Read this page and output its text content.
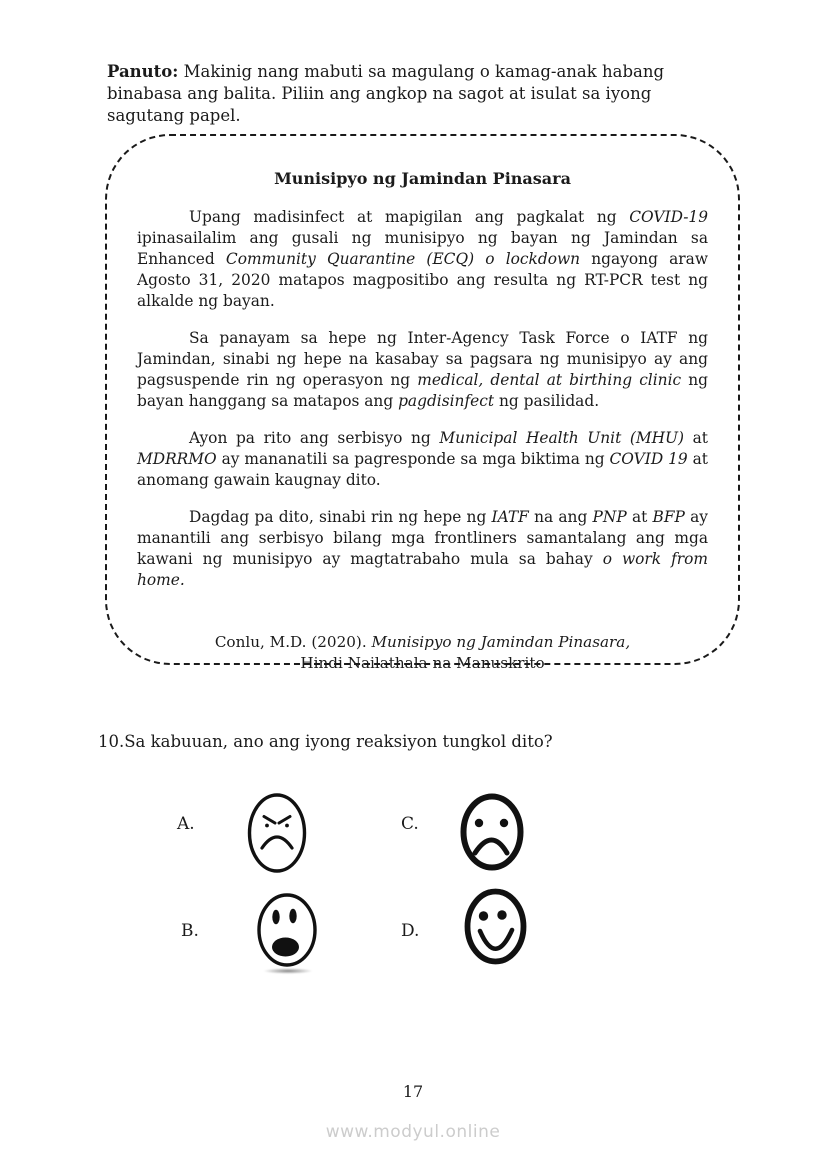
Panuto: Makinig nang mabuti sa magulang o kamag-anak habang binabasa ang balita. Piliin ang angkop na sagot at isulat sa iyong sagutang papel.

Munisipyo ng Jamindan Pinasara

Upang madisinfect at mapigilan ang pagkalat ng COVID-19 ipinasailalim ang gusali ng munisipyo ng bayan ng Jamindan sa Enhanced Community Quarantine (ECQ) o lockdown ngayong araw Agosto 31, 2020 matapos magpositibo ang resulta ng RT-PCR test ng alkalde ng bayan.

Sa panayam sa hepe ng Inter-Agency Task Force o IATF ng Jamindan, sinabi ng hepe na kasabay sa pagsara ng munisipyo ay ang pagsuspende rin ng operasyon ng medical, dental at birthing clinic ng bayan hanggang sa matapos ang pagdisinfect ng pasilidad.

Ayon pa rito ang serbisyo ng Municipal Health Unit (MHU) at MDRRMO ay mananatili sa pagresponde sa mga biktima ng COVID 19 at anomang gawain kaugnay dito.

Dagdag pa dito, sinabi rin ng hepe ng IATF na ang PNP at BFP ay manantili ang serbisyo bilang mga frontliners samantalang ang mga kawani ng munisipyo ay magtatrabaho mula sa bahay o work from home.

Conlu, M.D. (2020). Munisipyo ng Jamindan Pinasara,
Hindi Nailathala na Manuskrito

10.Sa kabuuan, ano ang iyong reaksiyon tungkol dito?

A.	C.
B.	D.

17

www.modyul.online
